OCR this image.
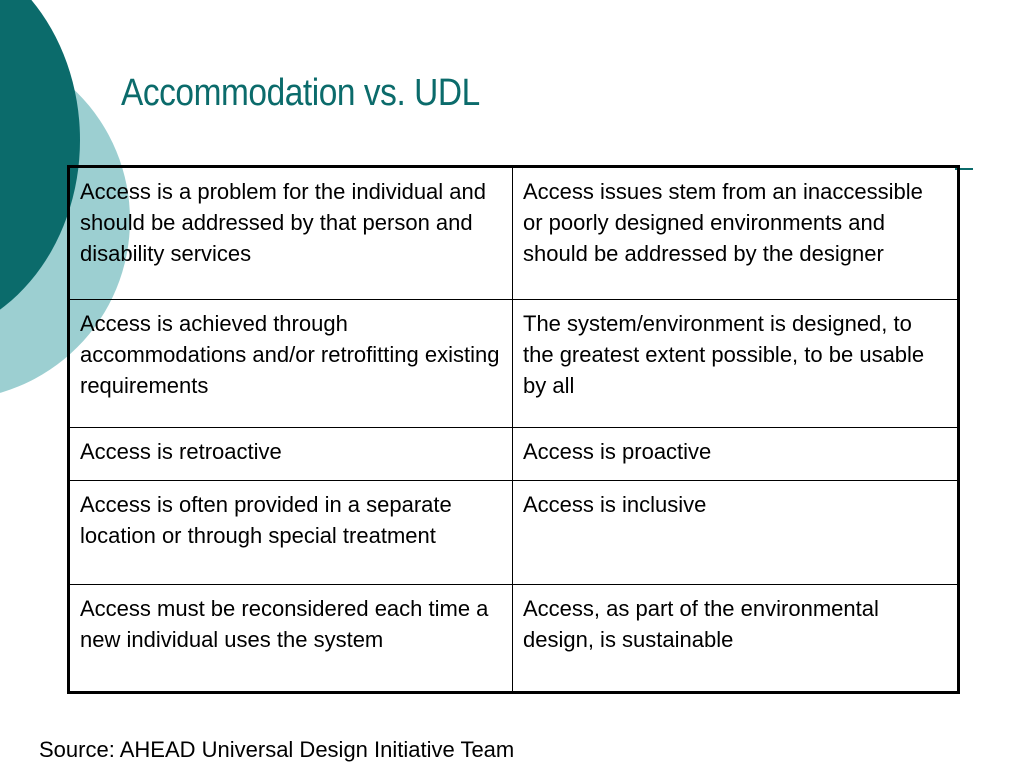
Accommodation vs. UDL
Access is a problem for the individual and should be addressed by that person and disability services	Access issues stem from an inaccessible or poorly designed environments and should be addressed by the designer
Access is achieved through accommodations and/or retrofitting existing requirements	The system/environment is designed, to the greatest extent possible, to be usable by all
Access is retroactive	Access is proactive
Access is often provided in a separate location or through special treatment	Access is inclusive
Access must be reconsidered each time a new individual uses the system	Access, as part of the environmental design, is sustainable
Source: AHEAD Universal Design Initiative Team
